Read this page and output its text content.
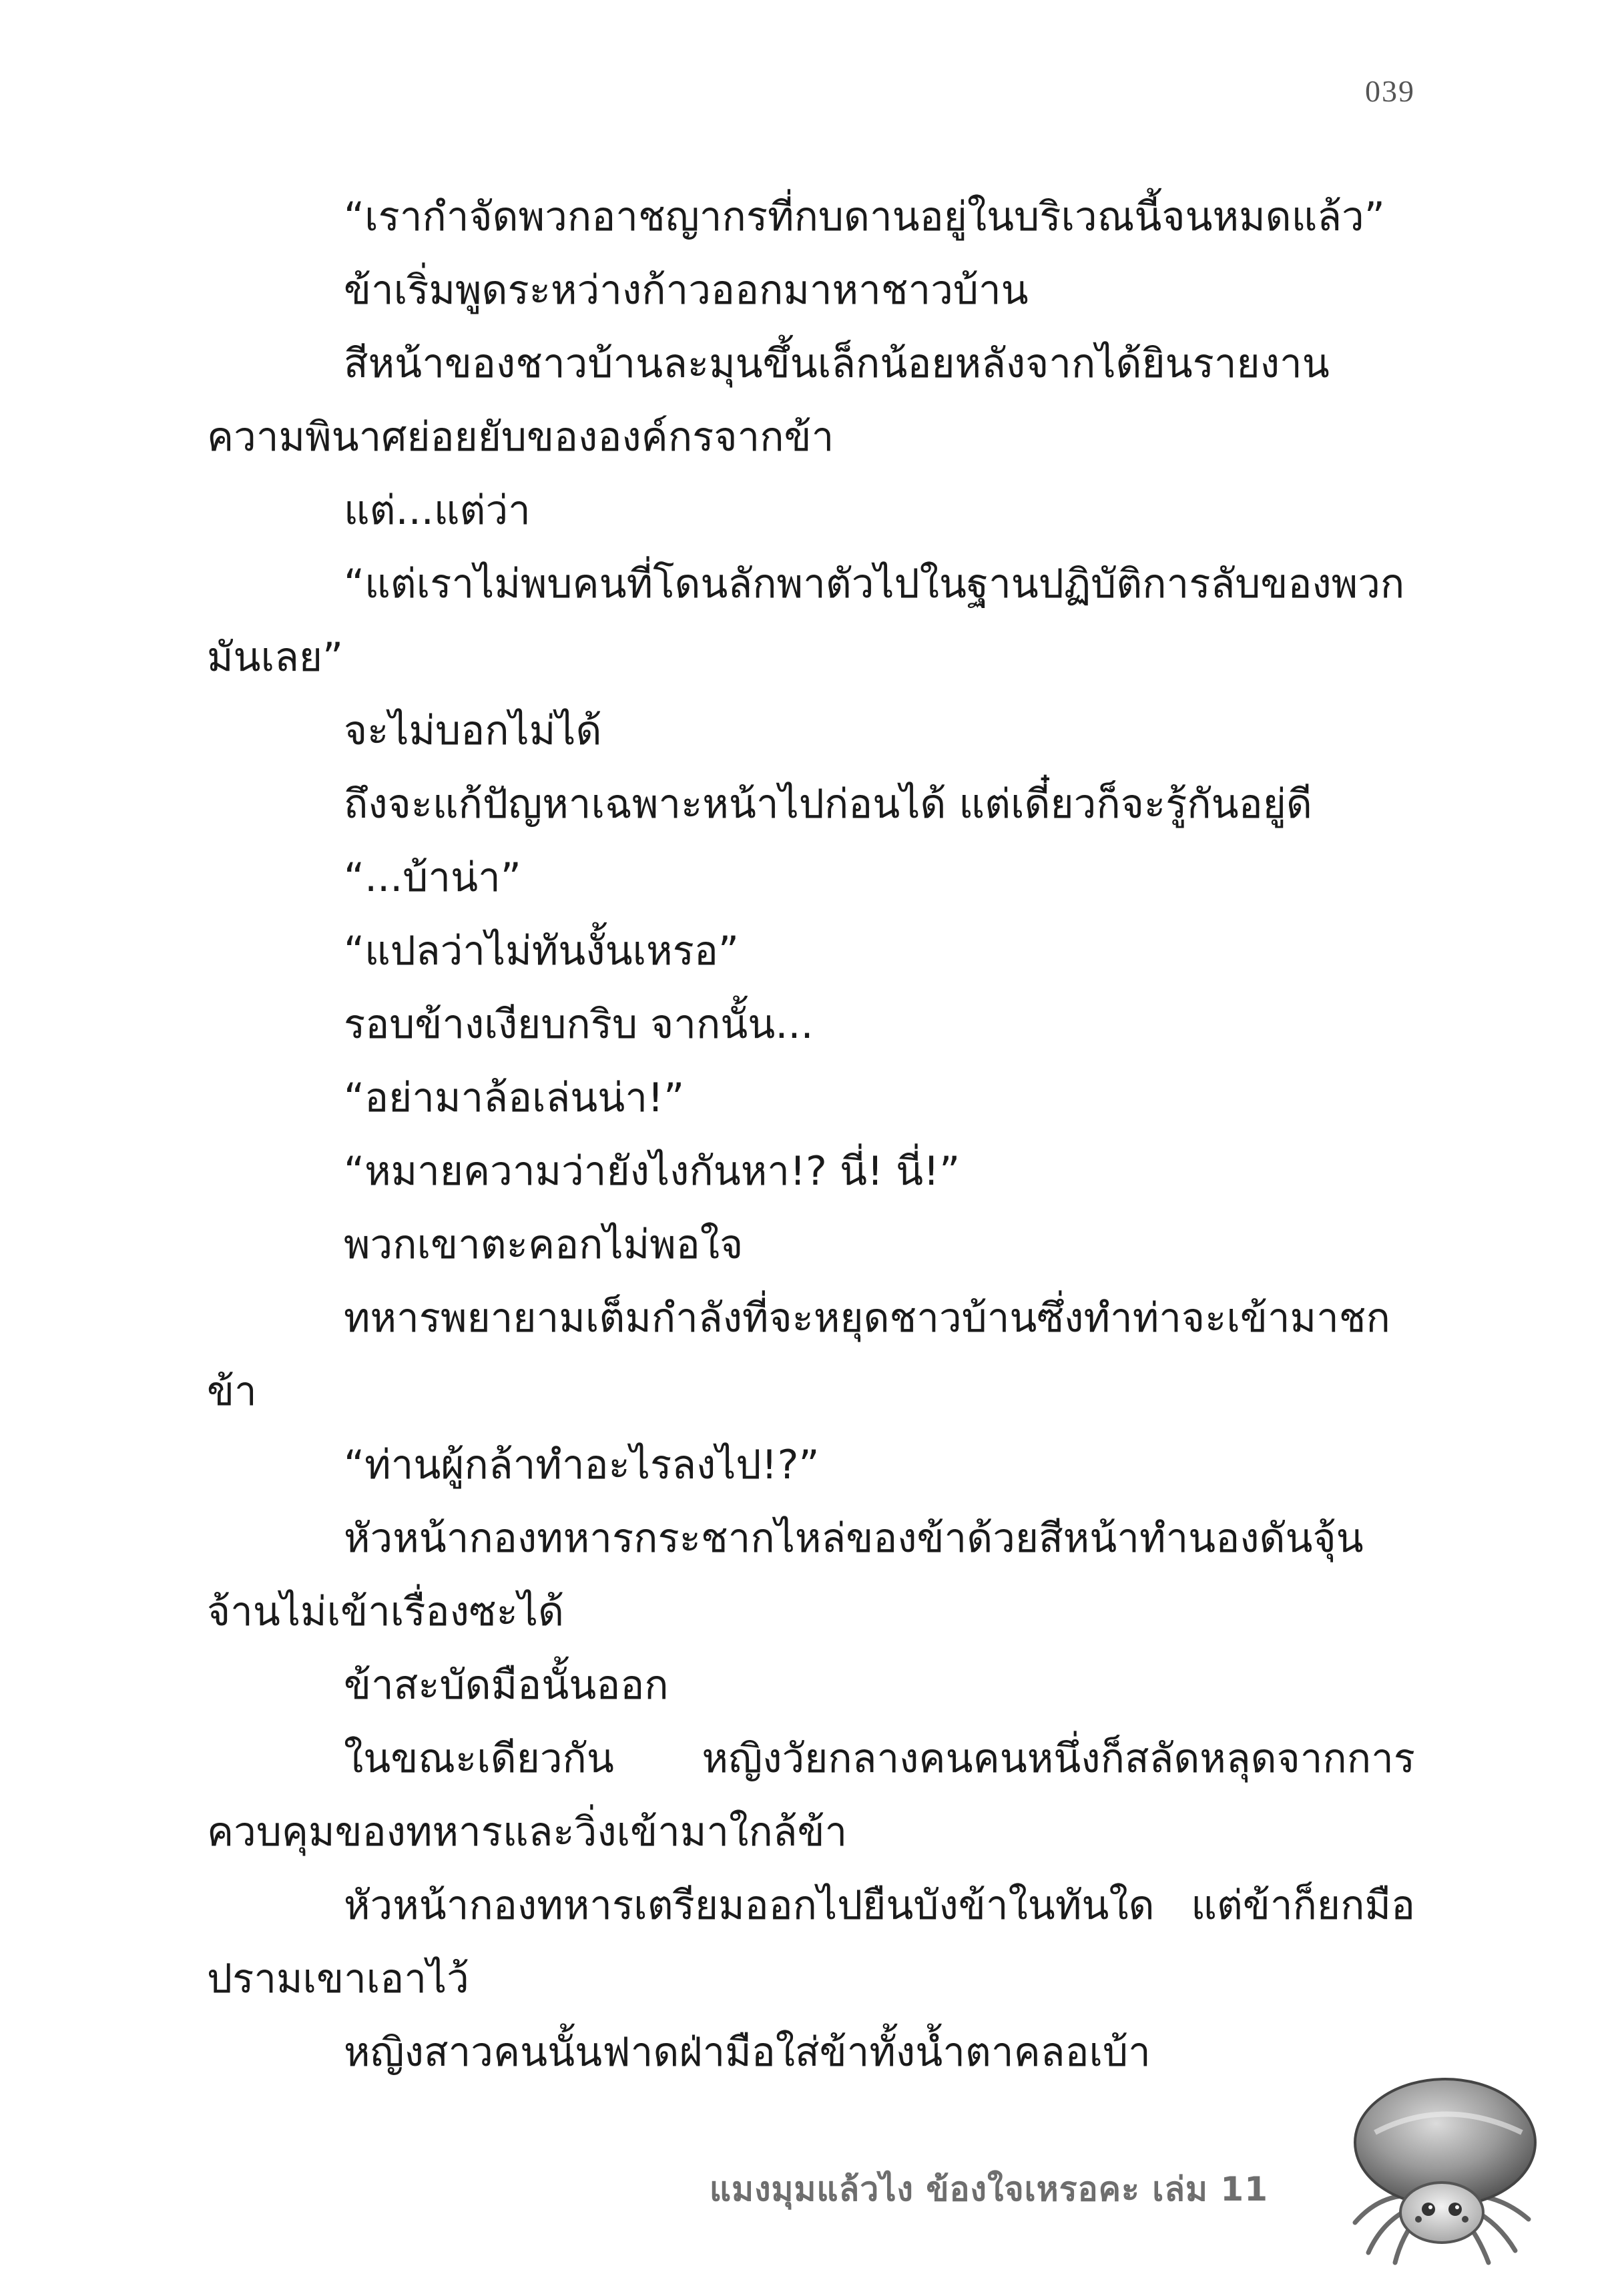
039

“เรากำจัดพวกอาชญากรที่กบดานอยู่ในบริเวณนี้จนหมดแล้ว”

ข้าเริ่มพูดระหว่างก้าวออกมาหาชาวบ้าน

สีหน้าของชาวบ้านละมุนขึ้นเล็กน้อยหลังจากได้ยินรายงานความพินาศย่อยยับขององค์กรจากข้า

แต่...แต่ว่า

“แต่เราไม่พบคนที่โดนลักพาตัวไปในฐานปฏิบัติการลับของพวกมันเลย”

จะไม่บอกไม่ได้

ถึงจะแก้ปัญหาเฉพาะหน้าไปก่อนได้ แต่เดี๋ยวก็จะรู้กันอยู่ดี

“...บ้าน่า”

“แปลว่าไม่ทันงั้นเหรอ”

รอบข้างเงียบกริบ จากนั้น...

“อย่ามาล้อเล่นน่า!”

“หมายความว่ายังไงกันหา!? นี่! นี่!”

พวกเขาตะคอกไม่พอใจ

ทหารพยายามเต็มกำลังที่จะหยุดชาวบ้านซึ่งทำท่าจะเข้ามาชกข้า

“ท่านผู้กล้าทำอะไรลงไป!?”

หัวหน้ากองทหารกระชากไหล่ของข้าด้วยสีหน้าทำนองดันจุ้นจ้านไม่เข้าเรื่องซะได้

ข้าสะบัดมือนั้นออก

ในขณะเดียวกัน หญิงวัยกลางคนคนหนึ่งก็สลัดหลุดจากการควบคุมของทหารและวิ่งเข้ามาใกล้ข้า

หัวหน้ากองทหารเตรียมออกไปยืนบังข้าในทันใด แต่ข้าก็ยกมือปรามเขาเอาไว้

หญิงสาวคนนั้นฟาดฝ่ามือใส่ข้าทั้งน้ำตาคลอเบ้า

แมงมุมแล้วไง ข้องใจเหรอคะ เล่ม 11
